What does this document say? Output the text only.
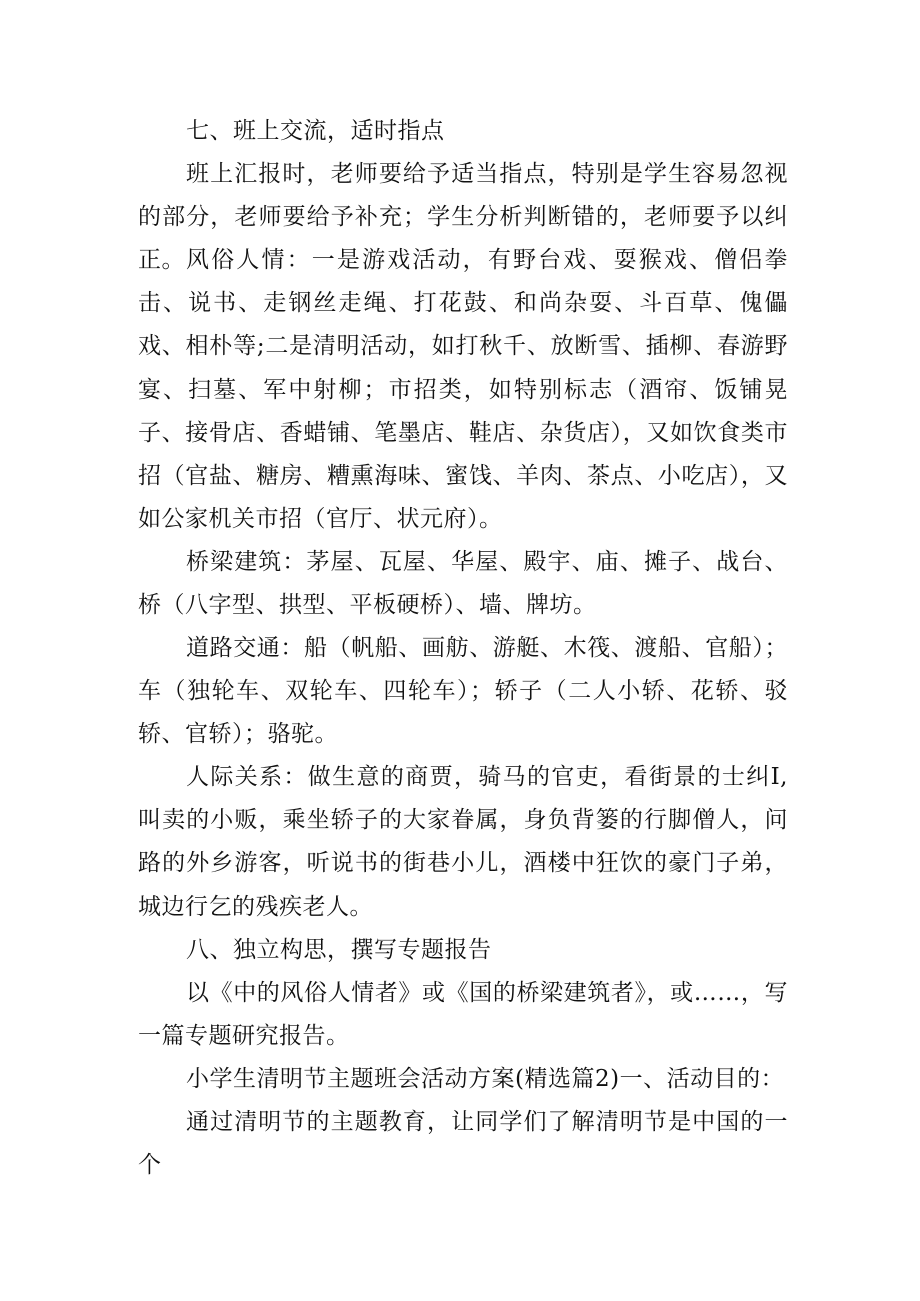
七、班上交流，适时指点

班上汇报时，老师要给予适当指点，特别是学生容易忽视的部分，老师要给予补充；学生分析判断错的，老师要予以纠正。 风俗人情：一是游戏活动，有野台戏、耍猴戏、僧侣拳击、说书、走钢丝走绳、打花鼓、和尚杂耍、斗百草、傀儡戏、相朴等;二是清明活动，如打秋千、放断雪、插柳、春游野宴、扫墓、军中射柳；市招类，如特别标志（酒帘、饭铺晃子、接骨店、香蜡铺、笔墨店、鞋店、杂货店），又如饮食类市招（官盐、糖房、糟熏海味、蜜饯、羊肉、茶点、小吃店），又如公家机关市招（官厅、状元府）。

桥梁建筑：茅屋、瓦屋、华屋、殿宇、庙、摊子、战台、桥（八字型、拱型、平板硬桥）、墙、牌坊。

道路交通：船（帆船、画舫、游艇、木筏、渡船、官船）；车（独轮车、双轮车、四轮车）；轿子（二人小轿、花轿、驳轿、官轿）；骆驼。

人际关系：做生意的商贾，骑马的官吏，看街景的士纠I,叫卖的小贩，乘坐轿子的大家眷属，身负背篓的行脚僧人，问路的外乡游客，听说书的街巷小儿，酒楼中狂饮的豪门子弟，城边行乞的残疾老人。

八、独立构思，撰写专题报告

以《中的风俗人情者》或《国的桥梁建筑者》，或……，写一篇专题研究报告。

小学生清明节主题班会活动方案(精选篇2)一、活动目的：

通过清明节的主题教育，让同学们了解清明节是中国的一个
